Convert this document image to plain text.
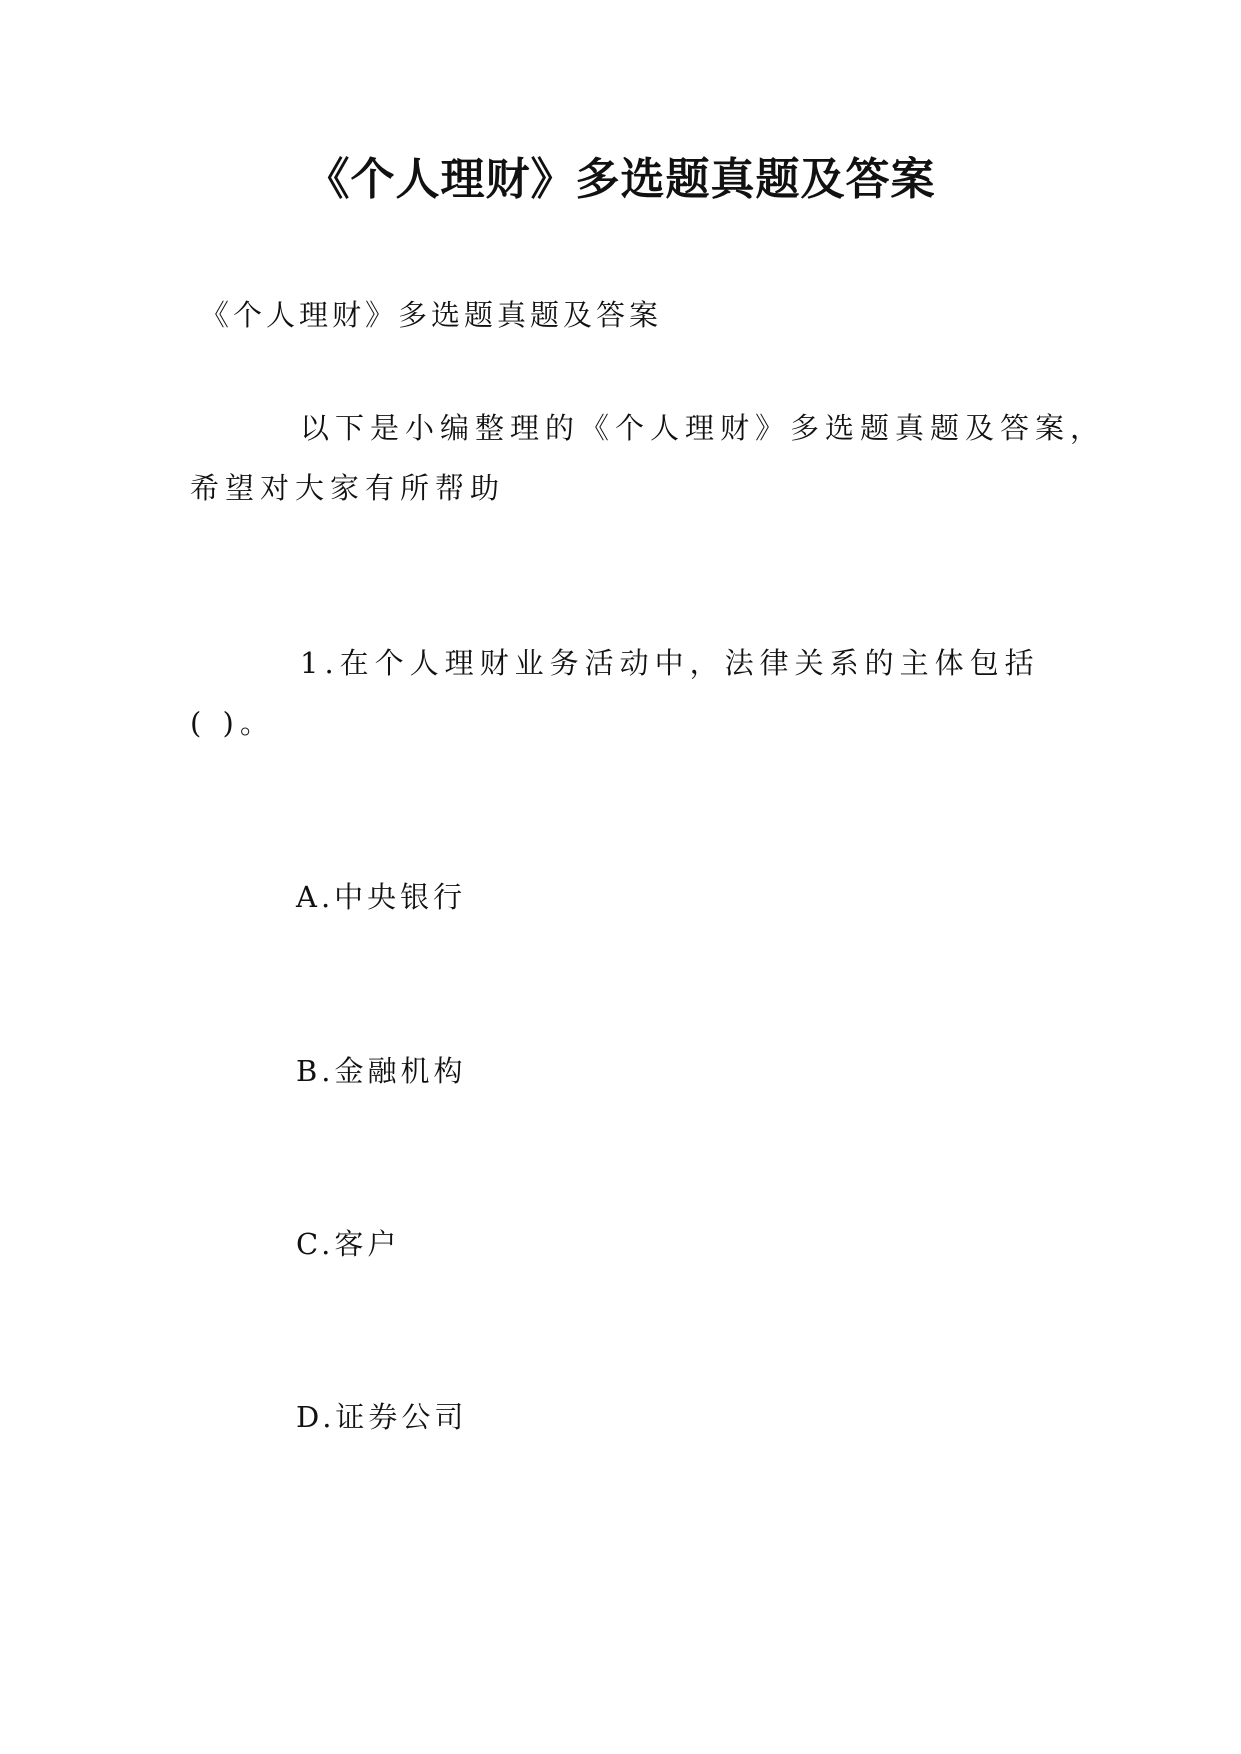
《个人理财》多选题真题及答案
《个人理财》多选题真题及答案
以下是小编整理的《个人理财》多选题真题及答案，
希望对大家有所帮助
1.在个人理财业务活动中，法律关系的主体包括
( )。
A.中央银行
B.金融机构
C.客户
D.证券公司
